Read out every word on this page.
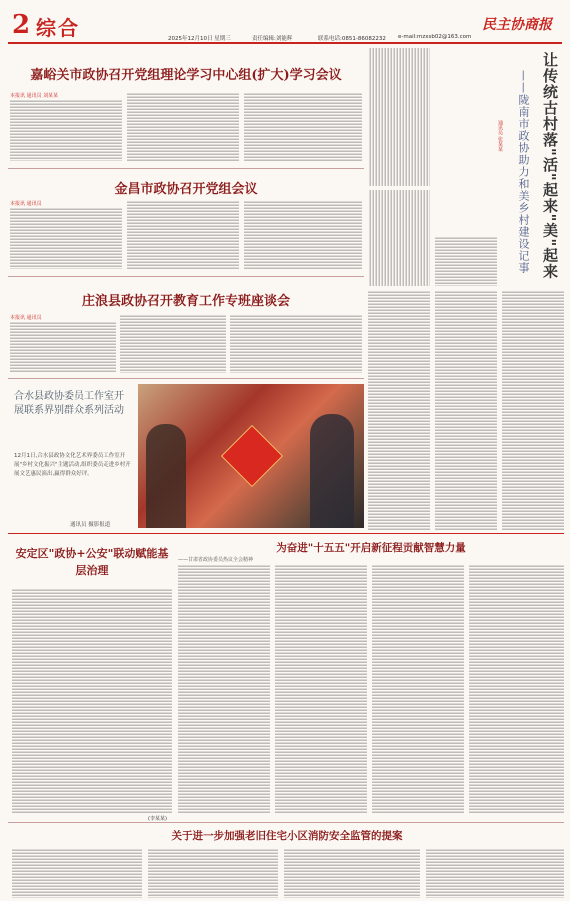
2 综合	民主协商报
2025年12月10日 星期三	责任编辑:刘能辉	联系电话:0851-86082232 e-mail:mzxsb02@163.com
嘉峪关市政协召开党组理论学习中心组(扩大)学习会议
本报讯 通讯员 刘某某
金昌市政协召开党组会议
本报讯 通讯员
庄浪县政协召开教育工作专班座谈会
本报讯 通讯员
合水县政协委员工作室开展联系界别群众系列活动
12月1日,合水县政协文化艺术界委员工作室开展"乡村文化振兴"主题活动,组织委员走进乡村开展文艺惠民演出,赢得群众好评。
通讯员 摄影报道
让传统古村落"活"起来"美"起来
——陇南市政协助力和美乡村建设记事
通讯员 张某某
安定区"政协+公安"联动赋能基层治理
(李某某)
为奋进"十五五"开启新征程贡献智慧力量
——甘肃省政协委员热议全会精神
关于进一步加强老旧住宅小区消防安全监管的提案
